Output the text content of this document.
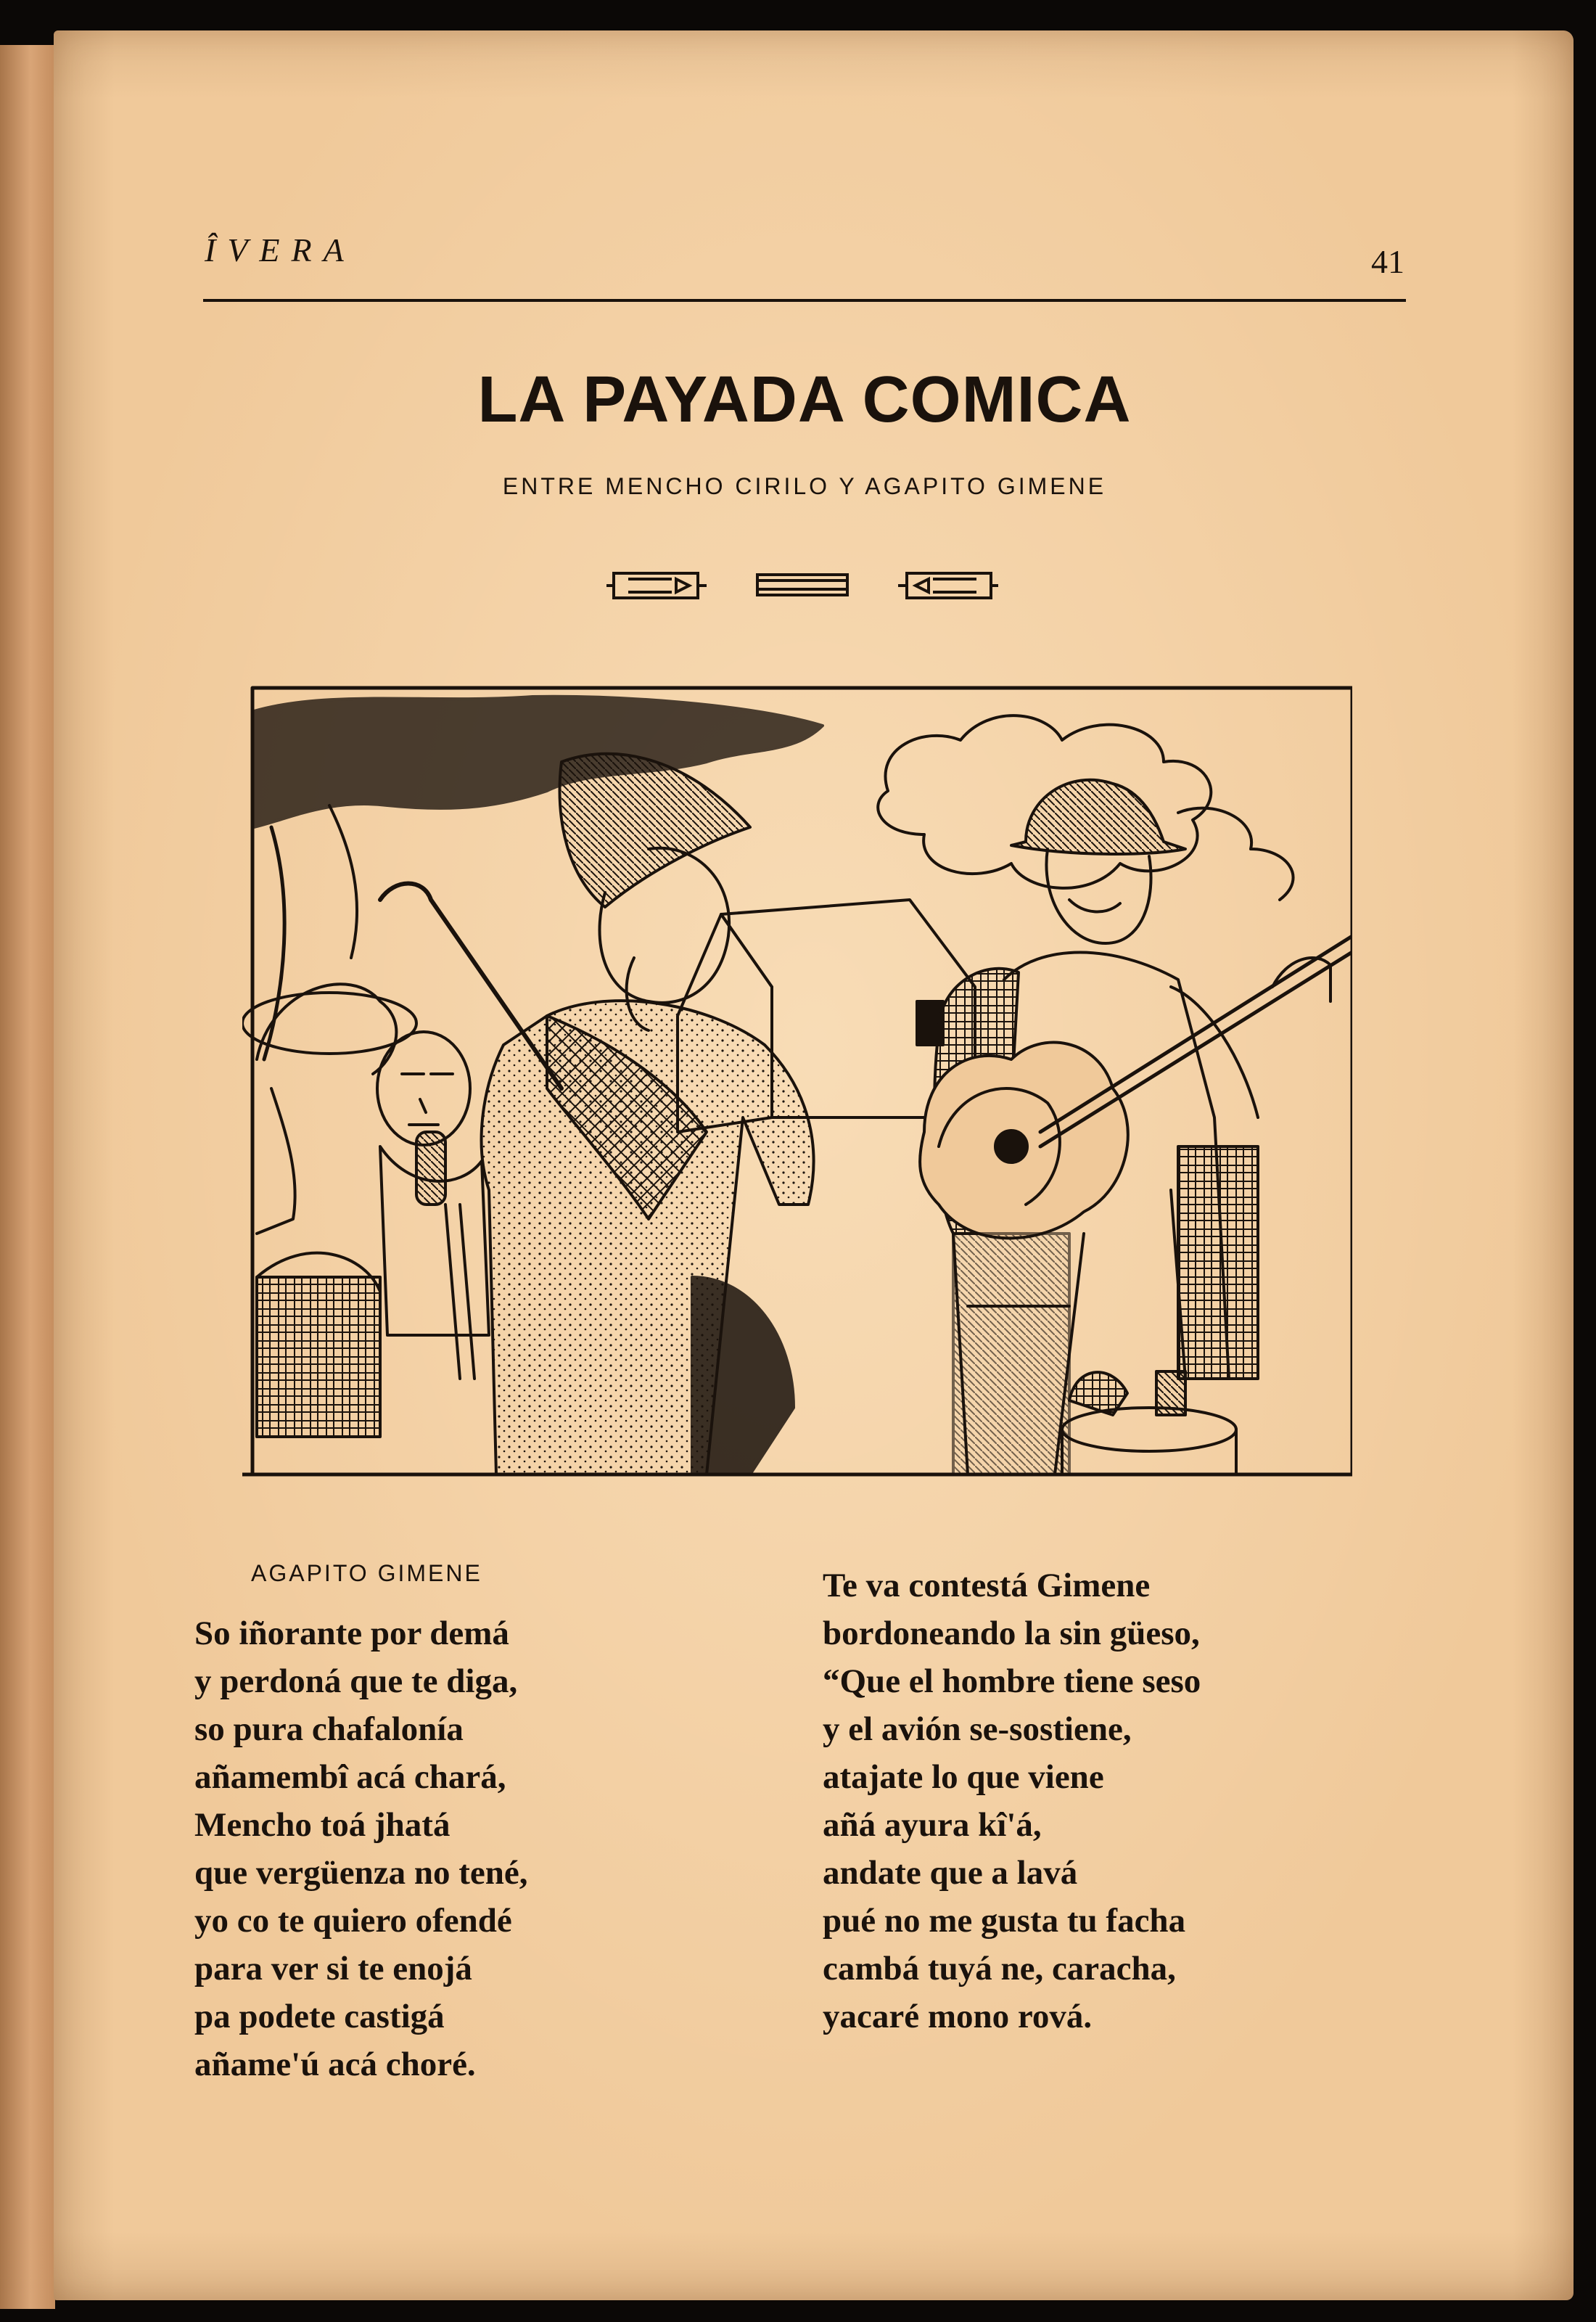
ÎVERA	41
LA PAYADA COMICA
ENTRE MENCHO CIRILO Y AGAPITO GIMENE
AGAPITO GIMENE
So iñorante por demá
y perdoná que te diga,
so pura chafalonía
añamembî acá chará,
Mencho toá jhatá
que vergüenza no tené,
yo co te quiero ofendé
para ver si te enojá
pa podete castigá
añame'ú acá choré.
Te va contestá Gimene
bordoneando la sin güeso,
“Que el hombre tiene seso
y el avión se-sostiene,
atajate lo que viene
añá ayura kî'á,
andate que a lavá
pué no me gusta tu facha
cambá tuyá ne, caracha,
yacaré mono rová.
